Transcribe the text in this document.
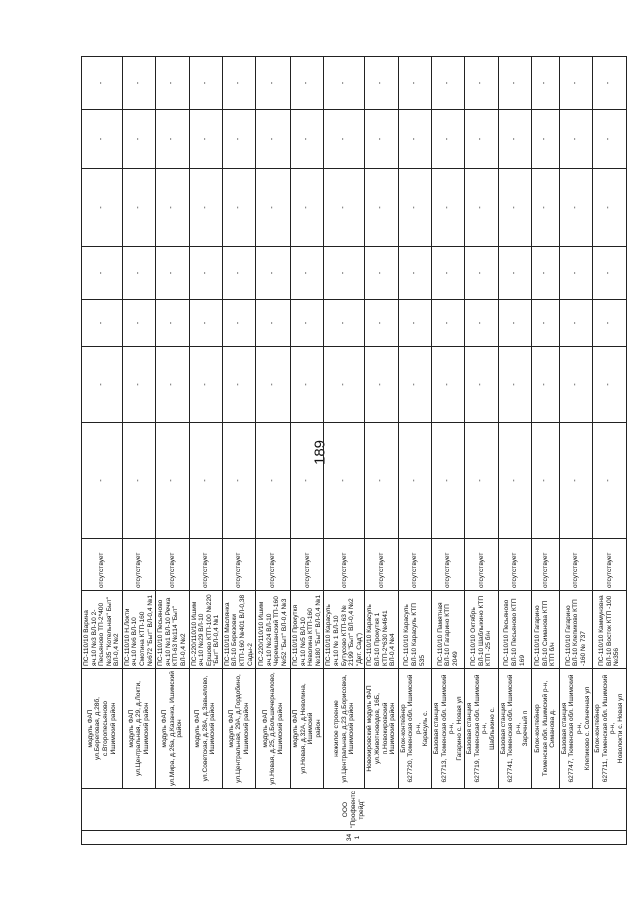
189
341	ООО "Профвентстрейд"	модуль ФАП ул.Береговая, д.28б, с.Второпесьяново Ишимский район	ПС-110/10 Варина яч.10 №3 ВЛ-10 2-Песьяново ТП-2*400 №35 "Котельная" Быт" ВЛ-0,4 №2	отсутствует	-	-	-	-	-	-	-

		модуль ФАП ул.Центральная, д.29, д.Локти, Ишимский район	ПС-110/10 Н.Локти яч.10 №6 ВЛ-10 Смотина КТП-160 №672 "Быт" ВЛ-0,4 №1	отсутствует	-	-	-	-	-	-	-

		модуль ФАП ул.Мира, д.26а, д.Казанка, Ишимский район	ПС-110/10 Песьяново яч.10 №1 ВЛ-10 Речка КТП-63 №114 "Быт" ВЛ-0,4 №2	отсутствует	-	-	-	-	-	-	-

		модуль ФАП ул.Советская, д.28А, д.Завьялово, Ишимский район	ПС-220/110/10 Ишим яч.10 №29 ВЛ-10 Ершово КТП-100 №220 "Быт" ВЛ-0,4 №1	отсутствует	-	-	-	-	-	-	-

		модуль ФАП ул.Центральная, 29А, д.Гордобино, Ишимский район	ПС-110/10 Маслянка ВЛ-10 Березовки КТП-160 №401 ВЛ-0,38 Сады-2	отсутствует	-	-	-	-	-	-	-

		модуль ФАП ул.Новая, д.25, д.Большечерналово, Ишимский район	ПС-220/110/10 Ишим яч.10 №24 ВЛ-10 Черемшанский ТП-160 №52 "Быт" ВЛ-0,4 №3	отсутствует	-	-	-	-	-	-	-

		модуль ФАП ул.Новая, д.32А, д.Неволина, Ишимский район	ПС-110/10 Прокуткя яч.10 №5 ВЛ-10 Неволина КТП-160 №180 "Быт" ВЛ-0,4 №1	отсутствует	-	-	-	-	-	-	-

		нежилое строение ул.Центральная, д.23 д.Борисовка, Ишимский район	ПС-110/10 Карасуль яч.10 № 1 ВЛ-10 Бутусово КТП-63 № 2199 "Быт" ВЛ-0,4 №2 "Дет. Сад")	отсутствует	-	-	-	-	-	-	-

		Новокировский модуль ФАП ул.Животноводов, 16Б, п.Новокировский Ишимский район	ПС-110/10 Карасуль ВЛ-10 Прокуткя 1 КТП-2*630 №4641 ВЛ-0,4 №4	отсутствует	-	-	-	-	-	-	-

		Блок-контейнер 627720, Тюменская обл. Ишимский р-н, Карасуль с.	ПС-110/10 Карасуль ВЛ-10 Карасуль КТП 535	отсутствует	-	-	-	-	-	-	-

		Базовая станция 627713, Тюменская обл. Ишимский р-н, Гагарино с. Новая ул	ПС-110/10 Памятная ВЛ-10 Гагарино КТП 2049	отсутствует	-	-	-	-	-	-	-

		Базовая станция 627719, Тюменская обл. Ишимский р-н, Шаблыкино с.	ПС-110/10 Октябрь ВЛ-10 Шаблыкино КТП КТП -25 б/н	отсутствует	-	-	-	-	-	-	-

		Базовая станция 627741, Тюменская обл. Ишимский р-н, Заречный п	ПС-110/10 Песьяново ВЛ-10 Песьяново КТП 169	отсутствует	-	-	-	-	-	-	-

		Блок-контейнер Тюменская обл. Ишимский р-н, Симанова д.	ПС-110/10 Гагарино ВЛ-10 Симанова КТП КТП б/н	отсутствует	-	-	-	-	-	-	-

		Базовая станция 627747, Тюменская обл. Ишимский р-н, Клепиково с. Солнечная ул	ПС-110/10 Гагарино ВЛ-10 Клепиково КТП -160 № 737	отсутствует	-	-	-	-	-	-	-

		Блок-контейнер 627711, Тюменская обл. Ишимский р-н, Новолокти с. Новая ул	ПС-110/10 Каммунзвна ВЛ-10 Восток КТП -100 №356	отсутствует	-	-	-	-	-	-	-
